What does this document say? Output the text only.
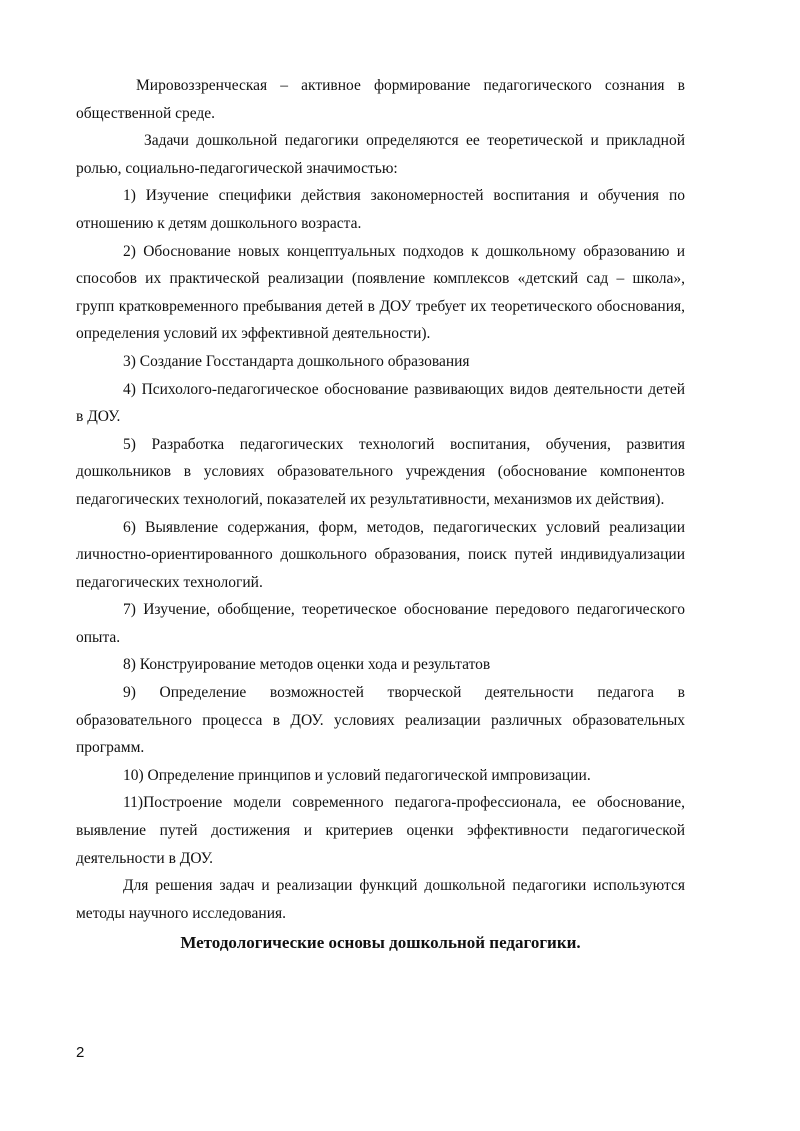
Мировоззренческая – активное формирование педагогического сознания в общественной среде.

Задачи дошкольной педагогики определяются ее теоретической и прикладной ролью, социально-педагогической значимостью:

1) Изучение специфики действия закономерностей воспитания и обучения по отношению к детям дошкольного возраста.

2) Обоснование новых концептуальных подходов к дошкольному образованию и способов их практической реализации (появление комплексов «детский сад – школа», групп кратковременного пребывания детей в ДОУ требует их теоретического обоснования, определения условий их эффективной деятельности).

3) Создание Госстандарта дошкольного образования

4) Психолого-педагогическое обоснование развивающих видов деятельности детей в ДОУ.

5) Разработка педагогических технологий воспитания, обучения, развития дошкольников в условиях образовательного учреждения (обоснование компонентов педагогических технологий, показателей их результативности, механизмов их действия).

6) Выявление содержания, форм, методов, педагогических условий реализации личностно-ориентированного дошкольного образования, поиск путей индивидуализации педагогических технологий.

7) Изучение, обобщение, теоретическое обоснование передового педагогического опыта.

8) Конструирование методов оценки хода и результатов

9) Определение возможностей творческой деятельности педагога в образовательного процесса в ДОУ. условиях реализации различных образовательных программ.

10) Определение принципов и условий педагогической импровизации.

11)Построение модели современного педагога-профессионала, ее обоснование, выявление путей достижения и критериев оценки эффективности педагогической деятельности в ДОУ.

Для решения задач и реализации функций дошкольной педагогики используются методы научного исследования.

Методологические основы дошкольной педагогики.
2
